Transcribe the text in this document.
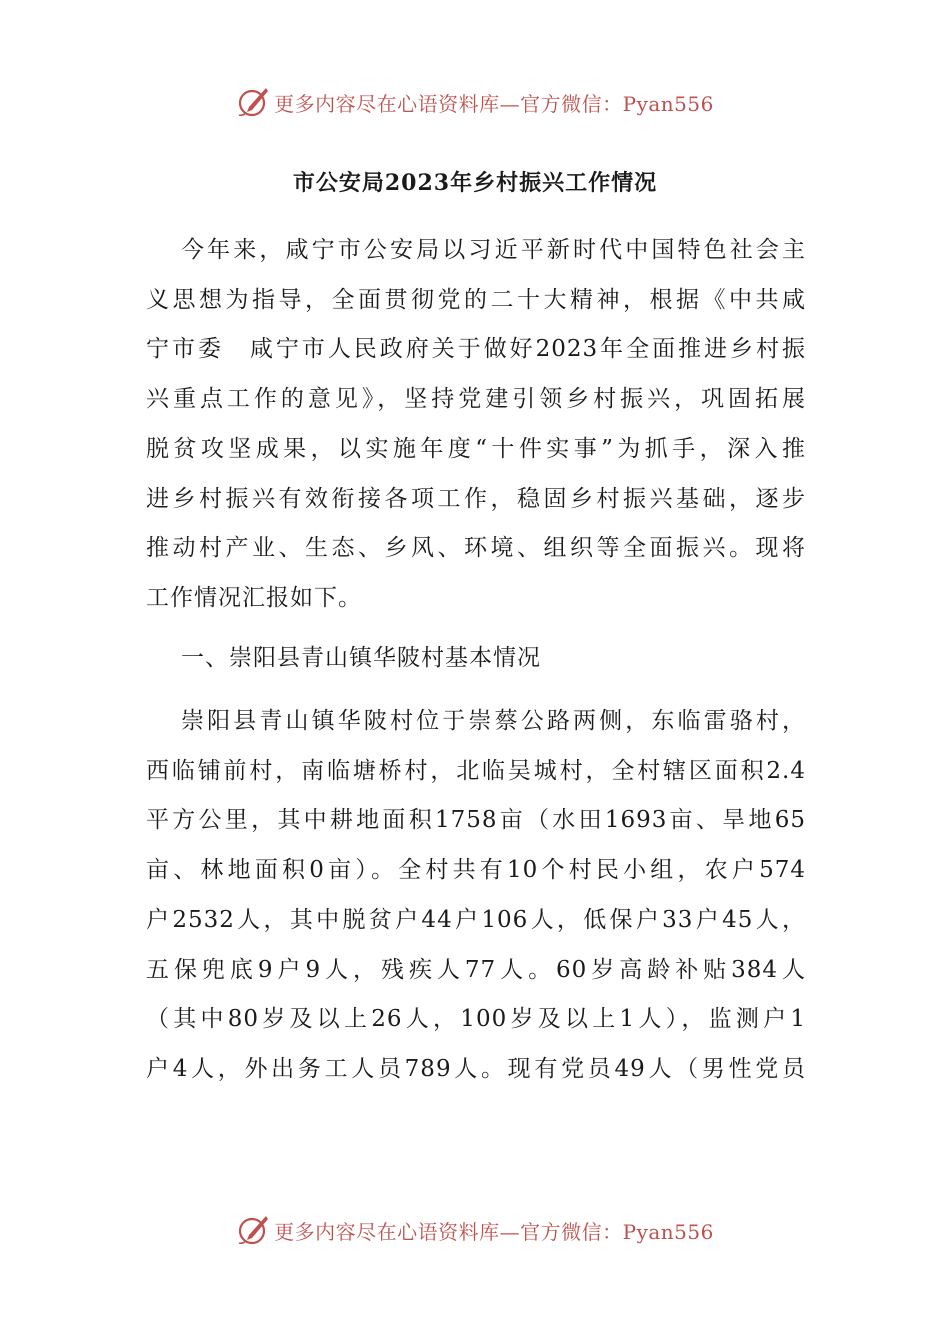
更多内容尽在心语资料库—官方微信：Pyan556
市公安局2023年乡村振兴工作情况
今年来，咸宁市公安局以习近平新时代中国特色社会主
义思想为指导，全面贯彻党的二十大精神，根据《中共咸
宁市委　咸宁市人民政府关于做好2023年全面推进乡村振
兴重点工作的意见》，坚持党建引领乡村振兴，巩固拓展
脱贫攻坚成果，以实施年度“十件实事”为抓手，深入推
进乡村振兴有效衔接各项工作，稳固乡村振兴基础，逐步
推动村产业、生态、乡风、环境、组织等全面振兴。现将
工作情况汇报如下。
一、崇阳县青山镇华陂村基本情况
崇阳县青山镇华陂村位于崇蔡公路两侧，东临雷骆村，
西临铺前村，南临塘桥村，北临吴城村，全村辖区面积2.4
平方公里，其中耕地面积1758亩（水田1693亩、旱地65
亩、林地面积0亩）。全村共有10个村民小组，农户574
户2532人，其中脱贫户44户106人，低保户33户45人，
五保兜底9户9人，残疾人77人。60岁高龄补贴384人
（其中80岁及以上26人，100岁及以上1人），监测户1
户4人，外出务工人员789人。现有党员49人（男性党员
更多内容尽在心语资料库—官方微信：Pyan556
